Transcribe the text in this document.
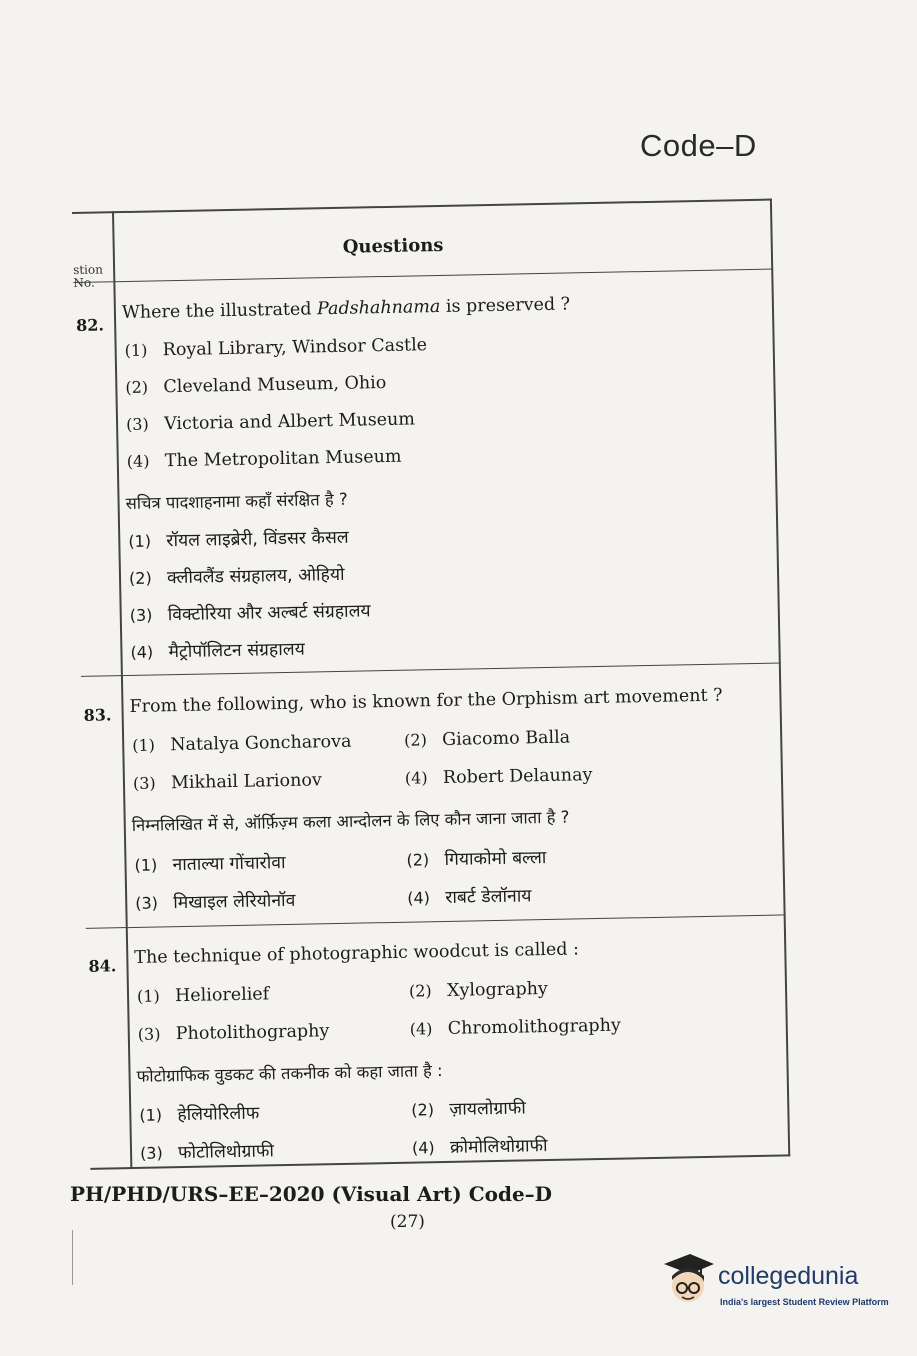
Code–D
stion
No.
Questions
82.
Where the illustrated Padshahnama is preserved ?
(1) Royal Library, Windsor Castle
(2) Cleveland Museum, Ohio
(3) Victoria and Albert Museum
(4) The Metropolitan Museum
सचित्र पादशाहनामा कहाँ संरक्षित है ?
(1) रॉयल लाइब्रेरी, विंडसर कैसल
(2) क्लीवलैंड संग्रहालय, ओहियो
(3) विक्टोरिया और अल्बर्ट संग्रहालय
(4) मैट्रोपॉलिटन संग्रहालय
83. From the following, who is known for the Orphism art movement ?
(1) Natalya Goncharova	(2) Giacomo Balla
(3) Mikhail Larionov	(4) Robert Delaunay
निम्नलिखित में से, ऑर्फ़िज़्म कला आन्दोलन के लिए कौन जाना जाता है ?
(1) नाताल्या गोंचारोवा	(2) गियाकोमो बल्ला
(3) मिखाइल लेरियोनॉव	(4) राबर्ट डेलॉनाय
84. The technique of photographic woodcut is called :
(1) Heliorelief	(2) Xylography
(3) Photolithography	(4) Chromolithography
फोटोग्राफिक वुडकट की तकनीक को कहा जाता है :
(1) हेलियोरिलीफ	(2) ज़ायलोग्राफी
(3) फोटोलिथोग्राफी	(4) क्रोमोलिथोग्राफी
PH/PHD/URS–EE–2020 (Visual Art) Code–D
(27)
collegedunia
India's largest Student Review Platform
